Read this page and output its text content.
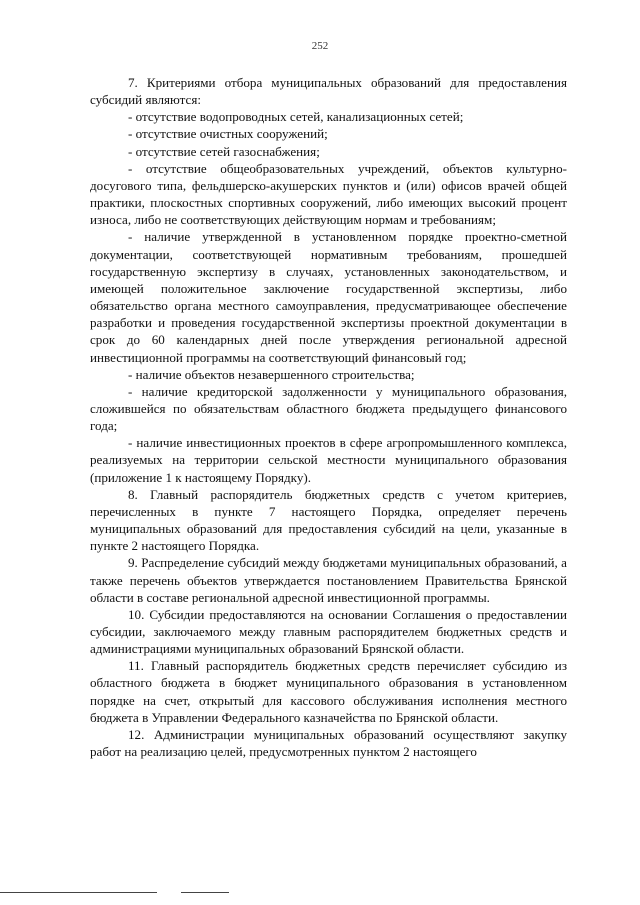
252

7. Критериями отбора муниципальных образований для предоставления субсидий являются:

- отсутствие водопроводных сетей, канализационных сетей;

- отсутствие очистных сооружений;

- отсутствие сетей газоснабжения;

- отсутствие общеобразовательных учреждений, объектов культурно-досугового типа, фельдшерско-акушерских пунктов и (или) офисов врачей общей практики, плоскостных спортивных сооружений, либо имеющих высокий процент износа, либо не соответствующих действующим нормам и требованиям;

- наличие утвержденной в установленном порядке проектно-сметной документации, соответствующей нормативным требованиям, прошедшей государственную экспертизу в случаях, установленных законодательством, и имеющей положительное заключение государственной экспертизы, либо обязательство органа местного самоуправления, предусматривающее обеспечение разработки и проведения государственной экспертизы проектной документации в срок до 60 календарных дней после утверждения региональной адресной инвестиционной программы на соответствующий финансовый год;

- наличие объектов незавершенного строительства;

- наличие кредиторской задолженности у муниципального образования, сложившейся по обязательствам областного бюджета предыдущего финансового года;

- наличие инвестиционных проектов в сфере агропромышленного комплекса, реализуемых на территории сельской местности муниципального образования (приложение 1 к настоящему Порядку).

8. Главный распорядитель бюджетных средств с учетом критериев, перечисленных в пункте 7 настоящего Порядка, определяет перечень муниципальных образований для предоставления субсидий на цели, указанные в пункте 2 настоящего Порядка.

9. Распределение субсидий между бюджетами муниципальных образований, а также перечень объектов утверждается постановлением Правительства Брянской области в составе региональной адресной инвестиционной программы.

10. Субсидии предоставляются на основании Соглашения о предоставлении субсидии, заключаемого между главным распорядителем бюджетных средств и администрациями муниципальных образований Брянской области.

11. Главный распорядитель бюджетных средств перечисляет субсидию из областного бюджета в бюджет муниципального образования в установленном порядке на счет, открытый для кассового обслуживания исполнения местного бюджета в Управлении Федерального казначейства по Брянской области.

12. Администрации муниципальных образований осуществляют закупку работ на реализацию целей, предусмотренных пунктом 2 настоящего
